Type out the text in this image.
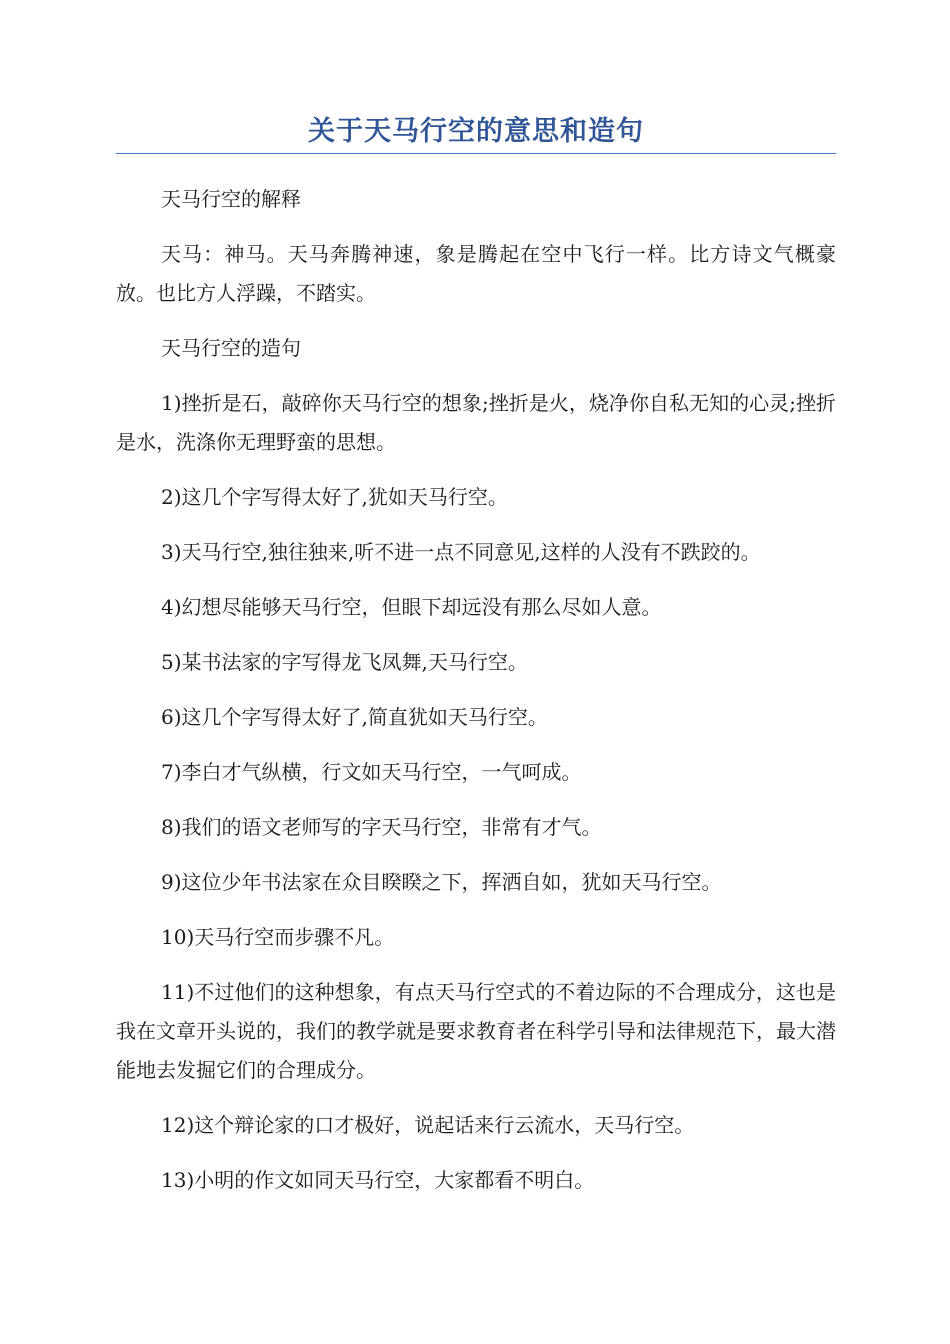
关于天马行空的意思和造句

天马行空的解释

天马：神马。天马奔腾神速，象是腾起在空中飞行一样。比方诗文气概豪放。也比方人浮躁，不踏实。

天马行空的造句

1)挫折是石，敲碎你天马行空的想象;挫折是火，烧净你自私无知的心灵;挫折是水，洗涤你无理野蛮的思想。

2)这几个字写得太好了,犹如天马行空。

3)天马行空,独往独来,听不进一点不同意见,这样的人没有不跌跤的。

4)幻想尽能够天马行空，但眼下却远没有那么尽如人意。

5)某书法家的字写得龙飞凤舞,天马行空。

6)这几个字写得太好了,简直犹如天马行空。

7)李白才气纵横，行文如天马行空，一气呵成。

8)我们的语文老师写的字天马行空，非常有才气。

9)这位少年书法家在众目睽睽之下，挥洒自如，犹如天马行空。

10)天马行空而步骤不凡。

11)不过他们的这种想象，有点天马行空式的不着边际的不合理成分，这也是我在文章开头说的，我们的教学就是要求教育者在科学引导和法律规范下，最大潜能地去发掘它们的合理成分。

12)这个辩论家的口才极好，说起话来行云流水，天马行空。

13)小明的作文如同天马行空，大家都看不明白。
